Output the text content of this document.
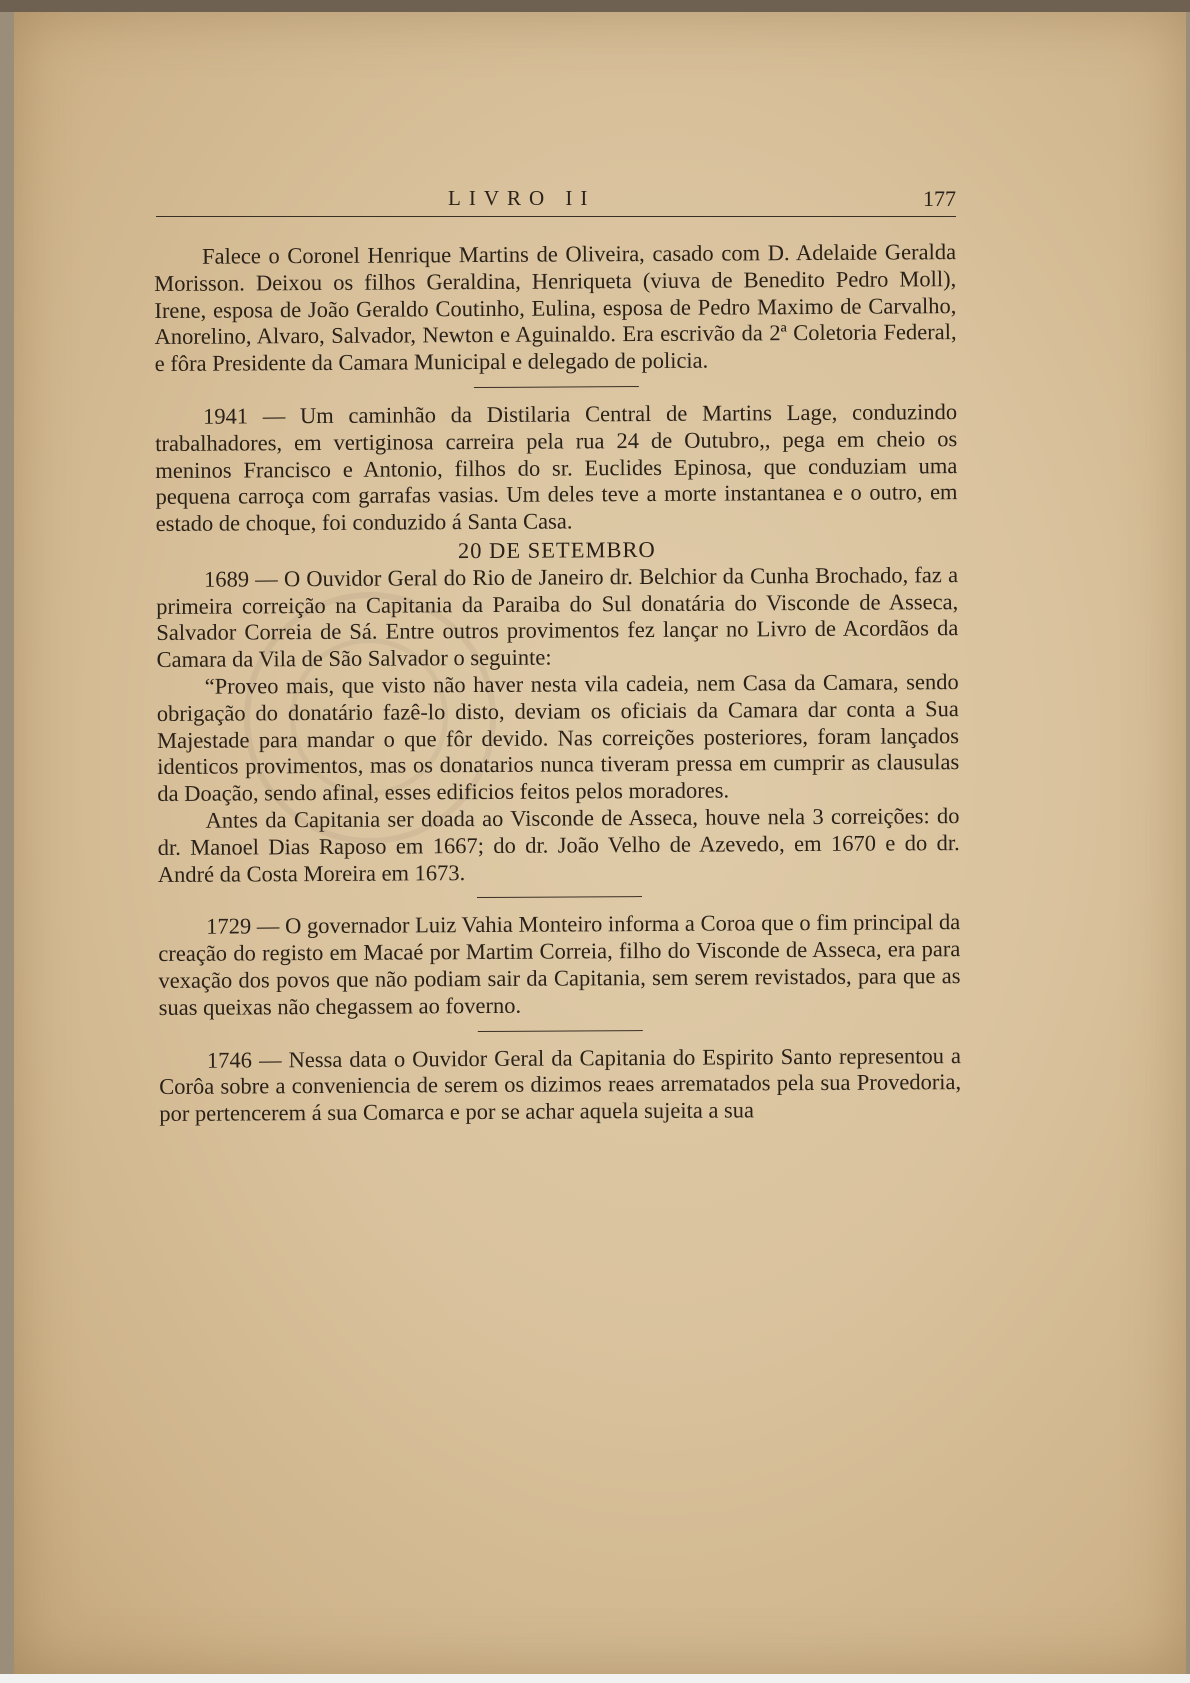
LIVRO II	177

Falece o Coronel Henrique Martins de Oliveira, casado com D. Adelaide Geralda Morisson. Deixou os filhos Geraldina, Henriqueta (viuva de Benedito Pedro Moll), Irene, esposa de João Geraldo Coutinho, Eulina, esposa de Pedro Maximo de Carvalho, Anorelino, Alvaro, Salvador, Newton e Aguinaldo. Era escrivão da 2ª Coletoria Federal, e fôra Presidente da Camara Municipal e delegado de policia.

1941 — Um caminhão da Distilaria Central de Martins Lage, conduzindo trabalhadores, em vertiginosa carreira pela rua 24 de Outubro,, pega em cheio os meninos Francisco e Antonio, filhos do sr. Euclides Epinosa, que conduziam uma pequena carroça com garrafas vasias. Um deles teve a morte instantanea e o outro, em estado de choque, foi conduzido á Santa Casa.

20 DE SETEMBRO

1689 — O Ouvidor Geral do Rio de Janeiro dr. Belchior da Cunha Brochado, faz a primeira correição na Capitania da Paraiba do Sul donatária do Visconde de Asseca, Salvador Correia de Sá. Entre outros provimentos fez lançar no Livro de Acordãos da Camara da Vila de São Salvador o seguinte:

“Proveo mais, que visto não haver nesta vila cadeia, nem Casa da Camara, sendo obrigação do donatário fazê-lo disto, deviam os oficiais da Camara dar conta a Sua Majestade para mandar o que fôr devido. Nas correições posteriores, foram lançados identicos provimentos, mas os donatarios nunca tiveram pressa em cumprir as clausulas da Doação, sendo afinal, esses edificios feitos pelos moradores.

Antes da Capitania ser doada ao Visconde de Asseca, houve nela 3 correições: do dr. Manoel Dias Raposo em 1667; do dr. João Velho de Azevedo, em 1670 e do dr. André da Costa Moreira em 1673.

1729 — O governador Luiz Vahia Monteiro informa a Coroa que o fim principal da creação do registo em Macaé por Martim Correia, filho do Visconde de Asseca, era para vexação dos povos que não podiam sair da Capitania, sem serem revistados, para que as suas queixas não chegassem ao foverno.

1746 — Nessa data o Ouvidor Geral da Capitania do Espirito Santo representou a Corôa sobre a conveniencia de serem os dizimos reaes arrematados pela sua Provedoria, por pertencerem á sua Comarca e por se achar aquela sujeita a sua
